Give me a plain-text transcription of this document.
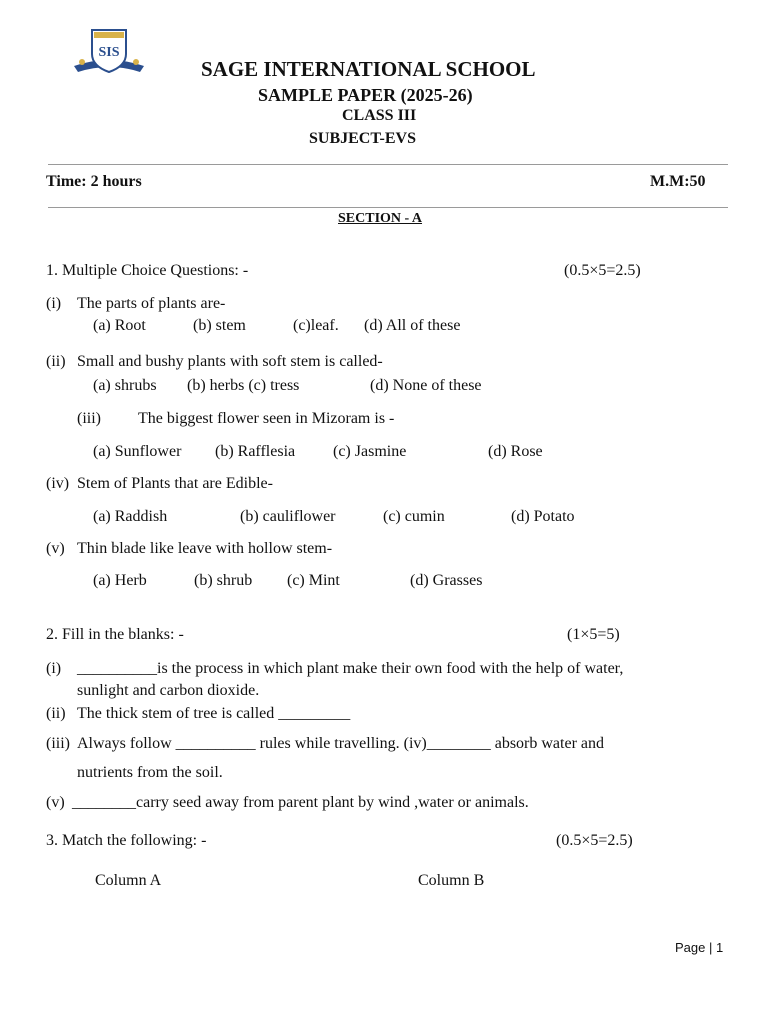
SIS
SAGE INTERNATIONAL SCHOOL
SAMPLE PAPER (2025-26)
CLASS III
SUBJECT-EVS
Time: 2 hours	M.M:50
SECTION - A
1. Multiple Choice Questions: -	(0.5×5=2.5)
(i) The parts of plants are-
(a) Root	(b) stem	(c)leaf. (d) All of these
(ii) Small and bushy plants with soft stem is called-
(a) shrubs (b) herbs (c) tress	(d) None of these
(iii) The biggest flower seen in Mizoram is -
(a) Sunflower (b) Rafflesia (c) Jasmine	(d) Rose
(iv) Stem of Plants that are Edible-
(a) Raddish	(b) cauliflower	(c) cumin	(d) Potato
(v) Thin blade like leave with hollow stem-
(a) Herb	(b) shrub (c) Mint	(d) Grasses
2. Fill in the blanks: -	(1×5=5)
(i) __________is the process in which plant make their own food with the help of water,
sunlight and carbon dioxide.
(ii) The thick stem of tree is called _________
(iii) Always follow __________ rules while travelling. (iv)________ absorb water and
nutrients from the soil.
(v) ________carry seed away from parent plant by wind ,water or animals.
3. Match the following: -	(0.5×5=2.5)
Column A	Column B
Page | 1
